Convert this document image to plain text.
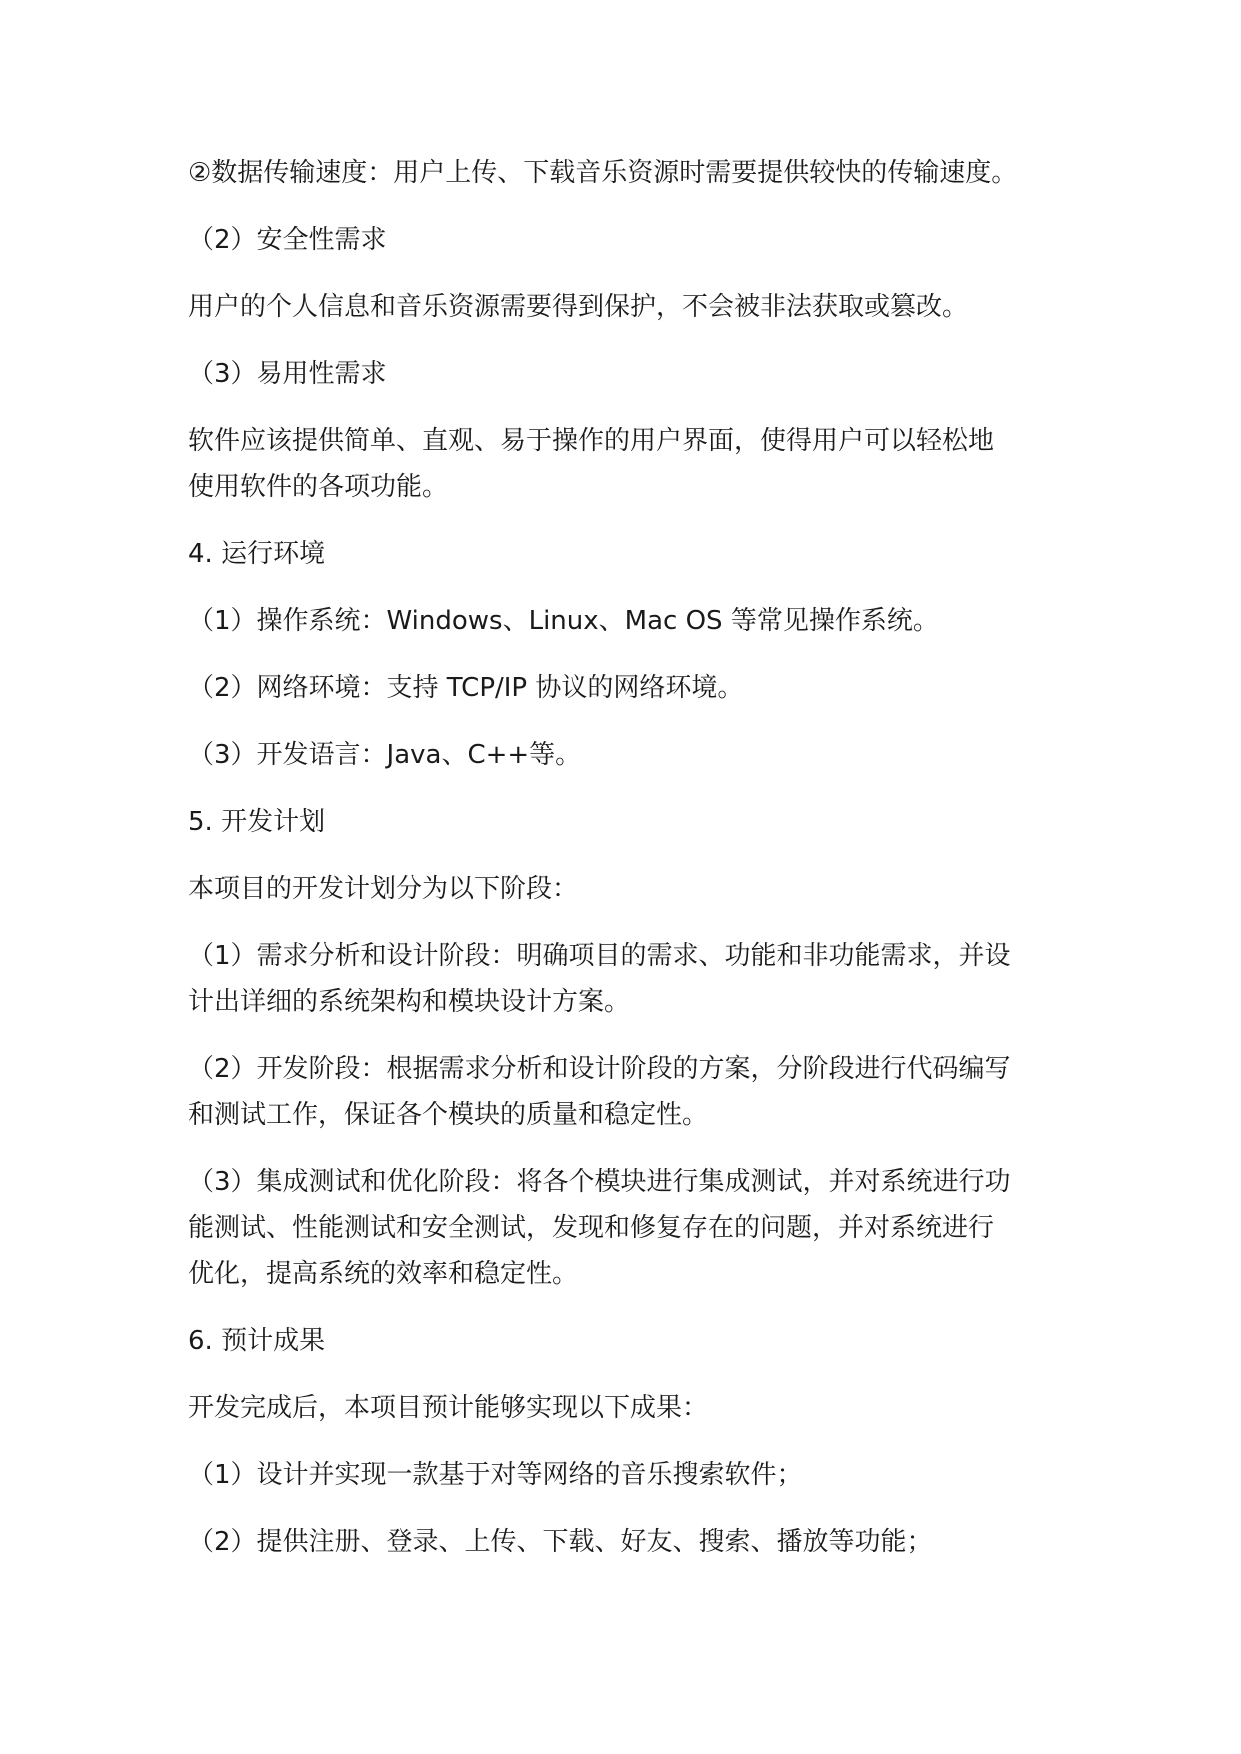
②数据传输速度：用户上传、下载音乐资源时需要提供较快的传输速度。

（2）安全性需求

用户的个人信息和音乐资源需要得到保护，不会被非法获取或篡改。

（3）易用性需求

软件应该提供简单、直观、易于操作的用户界面，使得用户可以轻松地
使用软件的各项功能。

4. 运行环境

（1）操作系统：Windows、Linux、Mac OS 等常见操作系统。

（2）网络环境：支持 TCP/IP 协议的网络环境。

（3）开发语言：Java、C++等。

5. 开发计划

本项目的开发计划分为以下阶段：

（1）需求分析和设计阶段：明确项目的需求、功能和非功能需求，并设
计出详细的系统架构和模块设计方案。

（2）开发阶段：根据需求分析和设计阶段的方案，分阶段进行代码编写
和测试工作，保证各个模块的质量和稳定性。

（3）集成测试和优化阶段：将各个模块进行集成测试，并对系统进行功
能测试、性能测试和安全测试，发现和修复存在的问题，并对系统进行
优化，提高系统的效率和稳定性。

6. 预计成果

开发完成后，本项目预计能够实现以下成果：

（1）设计并实现一款基于对等网络的音乐搜索软件；

（2）提供注册、登录、上传、下载、好友、搜索、播放等功能；
